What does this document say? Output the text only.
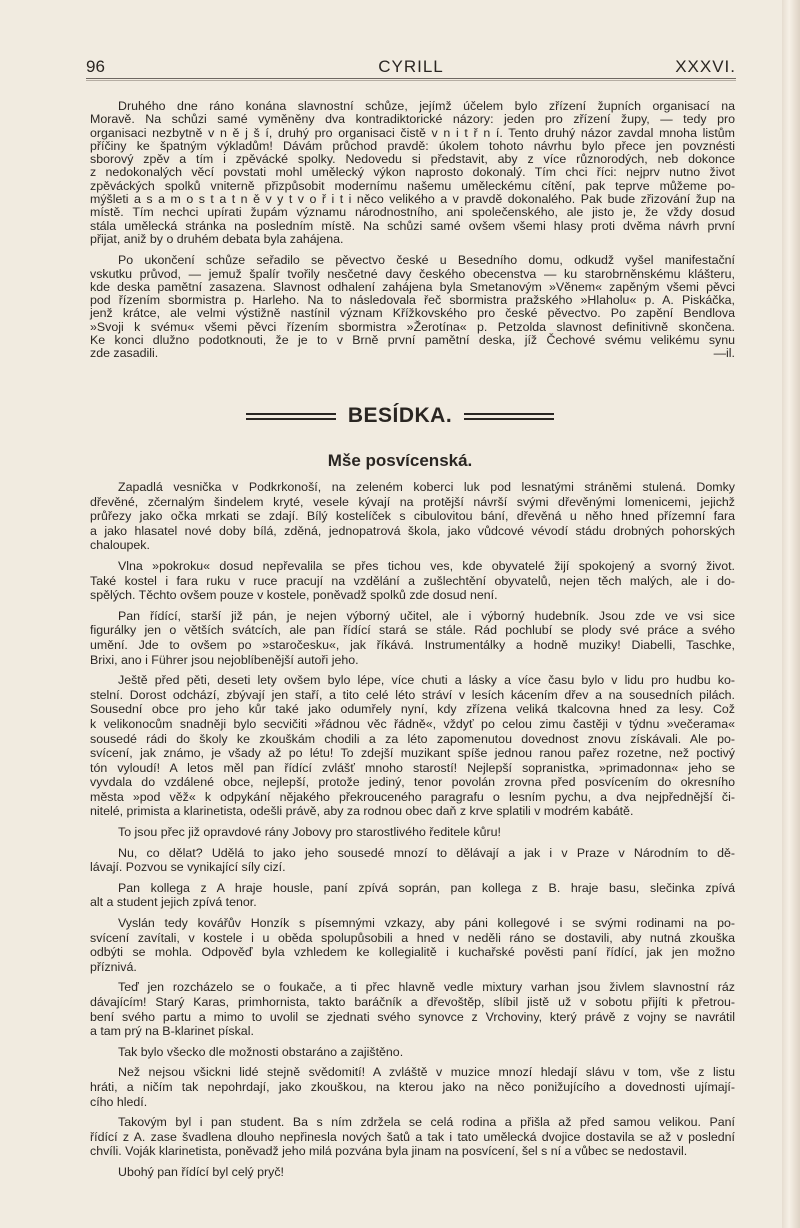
96	CYRILL	XXXVI.
Druhého dne ráno konána slavnostní schůze, jejímž účelem bylo zřízení župních organisací na
Moravě. Na schůzi samé vyměněny dva kontradiktorické názory: jeden pro zřízení župy, — tedy pro
organisaci nezbytně v n ě j š í, druhý pro organisaci čistě v n i t ř n í. Tento druhý názor zavdal mnoha listům
příčiny ke špatným výkladům! Dávám průchod pravdě: úkolem tohoto návrhu bylo přece jen povznésti
sborový zpěv a tím i zpěvácké spolky. Nedovedu si představit, aby z více různorodých, neb dokonce
z nedokonalých věcí povstati mohl umělecký výkon naprosto dokonalý. Tím chci říci: nejprv nutno život
zpěváckých spolků vniterně přizpůsobit modernímu našemu uměleckému cítění, pak teprve můžeme po-
mýšleti a s a m o s t a t n ě v y t v o ř i t i něco velikého a v pravdě dokonalého. Pak bude zřizování žup na
místě. Tím nechci upírati župám významu národnostního, ani společenského, ale jisto je, že vždy dosud
stála umělecká stránka na posledním místě. Na schůzi samé ovšem všemi hlasy proti dvěma návrh první
přijat, aniž by o druhém debata byla zahájena.
Po ukončení schůze seřadilo se pěvectvo české u Besedního domu, odkudž vyšel manifestační
vskutku průvod, — jemuž špalír tvořily nesčetné davy českého obecenstva — ku starobrněnskému klášteru,
kde deska pamětní zasazena. Slavnost odhalení zahájena byla Smetanovým »Věnem« zapěným všemi pěvci
pod řízením sbormistra p. Harleho. Na to následovala řeč sbormistra pražského »Hlaholu« p. A. Piskáčka,
jenž krátce, ale velmi výstižně nastínil význam Křížkovského pro české pěvectvo. Po zapění Bendlova
»Svoji k svému« všemi pěvci řízením sbormistra »Žerotína« p. Petzolda slavnost definitivně skončena.
Ke konci dlužno podotknouti, že je to v Brně první pamětní deska, jíž Čechové svému velikému synu
zde zasadili.	—il.
BESÍDKA.
Mše posvícenská.
Zapadlá vesnička v Podkrkonoší, na zeleném koberci luk pod lesnatými stráněmi stulená. Domky
dřevěné, zčernalým šindelem kryté, vesele kývají na protější návrší svými dřevěnými lomenicemi, jejichž
průřezy jako očka mrkati se zdají. Bílý kostelíček s cibulovitou bání, dřevěná u něho hned přízemní fara
a jako hlasatel nové doby bílá, zděná, jednopatrová škola, jako vůdcové vévodí stádu drobných pohorských
chaloupek.
Vlna »pokroku« dosud nepřevalila se přes tichou ves, kde obyvatelé žijí spokojený a svorný život.
Také kostel i fara ruku v ruce pracují na vzdělání a zušlechtění obyvatelů, nejen těch malých, ale i do-
spělých. Těchto ovšem pouze v kostele, poněvadž spolků zde dosud není.
Pan řídící, starší již pán, je nejen výborný učitel, ale i výborný hudebník. Jsou zde ve vsi sice
figurálky jen o větších svátcích, ale pan řídící stará se stále. Rád pochlubí se plody své práce a svého
umění. Jde to ovšem po »staročesku«, jak říkává. Instrumentálky a hodně muziky! Diabelli, Taschke,
Brixi, ano i Führer jsou nejoblíbenější autoři jeho.
Ještě před pěti, deseti lety ovšem bylo lépe, více chuti a lásky a více času bylo v lidu pro hudbu ko-
stelní. Dorost odchází, zbývají jen staří, a tito celé léto stráví v lesích kácením dřev a na sousedních pilách.
Sousední obce pro jeho kůr také jako odumřely nyní, kdy zřízena veliká tkalcovna hned za lesy. Což
k velikonocům snadněji bylo secvičiti »řádnou věc řádně«, vždyť po celou zimu častěji v týdnu »večerama«
sousedé rádi do školy ke zkouškám chodili a za léto zapomenutou dovednost znovu získávali. Ale po-
svícení, jak známo, je všady až po létu! To zdejší muzikant spíše jednou ranou pařez rozetne, než poctivý
tón vyloudí! A letos měl pan řídící zvlášť mnoho starostí! Nejlepší sopranistka, »primadonna« jeho se
vyvdala do vzdálené obce, nejlepší, protože jediný, tenor povolán zrovna před posvícením do okresního
města »pod věž« k odpykání nějakého překrouceného paragrafu o lesním pychu, a dva nejpřednější či-
nitelé, primista a klarinetista, odešli právě, aby za rodnou obec daň z krve splatili v modrém kabátě.
To jsou přec již opravdové rány Jobovy pro starostlivého ředitele kůru!
Nu, co dělat? Udělá to jako jeho sousedé mnozí to dělávají a jak i v Praze v Národním to dě-
lávají. Pozvou se vynikající síly cizí.
Pan kollega z A hraje housle, paní zpívá soprán, pan kollega z B. hraje basu, slečinka zpívá
alt a student jejich zpívá tenor.
Vyslán tedy kovářův Honzík s písemnými vzkazy, aby páni kollegové i se svými rodinami na po-
svícení zavítali, v kostele i u oběda spolupůsobili a hned v neděli ráno se dostavili, aby nutná zkouška
odbýti se mohla. Odpověď byla vzhledem ke kollegialitě i kuchařské pověsti paní řídící, jak jen možno
příznivá.
Teď jen rozcházelo se o foukače, a ti přec hlavně vedle mixtury varhan jsou živlem slavnostní ráz
dávajícím! Starý Karas, primhornista, takto baráčník a dřevoštěp, slíbil jistě už v sobotu přijíti k přetrou-
bení svého partu a mimo to uvolil se zjednati svého synovce z Vrchoviny, který právě z vojny se navrátil
a tam prý na B-klarinet pískal.
Tak bylo všecko dle možnosti obstaráno a zajištěno.
Než nejsou všickni lidé stejně svědomití! A zvláště v muzice mnozí hledají slávu v tom, vše z listu
hráti, a ničím tak nepohrdají, jako zkouškou, na kterou jako na něco ponižujícího a dovednosti ujímají-
cího hledí.
Takovým byl i pan student. Ba s ním zdržela se celá rodina a přišla až před samou velikou. Paní
řídící z A. zase švadlena dlouho nepřinesla nových šatů a tak i tato umělecká dvojice dostavila se až v poslední
chvíli. Voják klarinetista, poněvadž jeho milá pozvána byla jinam na posvícení, šel s ní a vůbec se nedostavil.
Ubohý pan řídící byl celý pryč!
